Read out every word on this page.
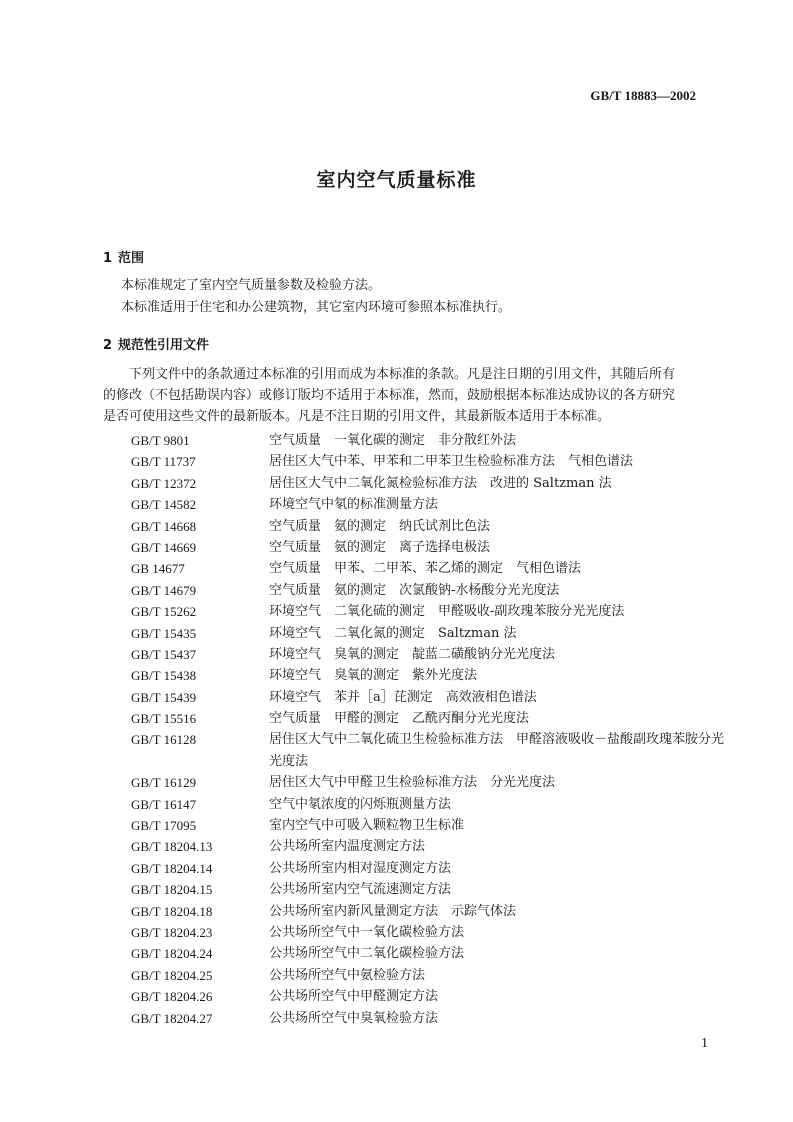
GB/T 18883—2002
室内空气质量标准
1 范围
本标准规定了室内空气质量参数及检验方法。
本标准适用于住宅和办公建筑物，其它室内环境可参照本标准执行。
2 规范性引用文件
　　下列文件中的条款通过本标准的引用而成为本标准的条款。凡是注日期的引用文件，其随后所有
的修改（不包括勘误内容）或修订版均不适用于本标准，然而，鼓励根据本标准达成协议的各方研究
是否可使用这些文件的最新版本。凡是不注日期的引用文件，其最新版本适用于本标准。
GB/T 9801	空气质量　一氧化碳的测定　非分散红外法
GB/T 11737	居住区大气中苯、甲苯和二甲苯卫生检验标准方法　气相色谱法
GB/T 12372	居住区大气中二氧化氮检验标准方法　改进的 Saltzman 法
GB/T 14582	环境空气中氡的标准测量方法
GB/T 14668	空气质量　氨的测定　纳氏试剂比色法
GB/T 14669	空气质量　氨的测定　离子选择电极法
GB 14677	空气质量　甲苯、二甲苯、苯乙烯的测定　气相色谱法
GB/T 14679	空气质量　氨的测定　次氯酸钠-水杨酸分光光度法
GB/T 15262	环境空气　二氧化硫的测定　甲醛吸收-副玫瑰苯胺分光光度法
GB/T 15435	环境空气　二氧化氮的测定　Saltzman 法
GB/T 15437	环境空气　臭氧的测定　靛蓝二磺酸钠分光光度法
GB/T 15438	环境空气　臭氧的测定　紫外光度法
GB/T 15439	环境空气　苯并［a］芘测定　高效液相色谱法
GB/T 15516	空气质量　甲醛的测定　乙酰丙酮分光光度法
GB/T 16128	居住区大气中二氧化硫卫生检验标准方法　甲醛溶液吸收－盐酸副玫瑰苯胺分光光度法
GB/T 16129	居住区大气中甲醛卫生检验标准方法　分光光度法
GB/T 16147	空气中氡浓度的闪烁瓶测量方法
GB/T 17095	室内空气中可吸入颗粒物卫生标准
GB/T 18204.13	公共场所室内温度测定方法
GB/T 18204.14	公共场所室内相对湿度测定方法
GB/T 18204.15	公共场所室内空气流速测定方法
GB/T 18204.18	公共场所室内新风量测定方法　示踪气体法
GB/T 18204.23	公共场所空气中一氧化碳检验方法
GB/T 18204.24	公共场所空气中二氧化碳检验方法
GB/T 18204.25	公共场所空气中氨检验方法
GB/T 18204.26	公共场所空气中甲醛测定方法
GB/T 18204.27	公共场所空气中臭氧检验方法
1
